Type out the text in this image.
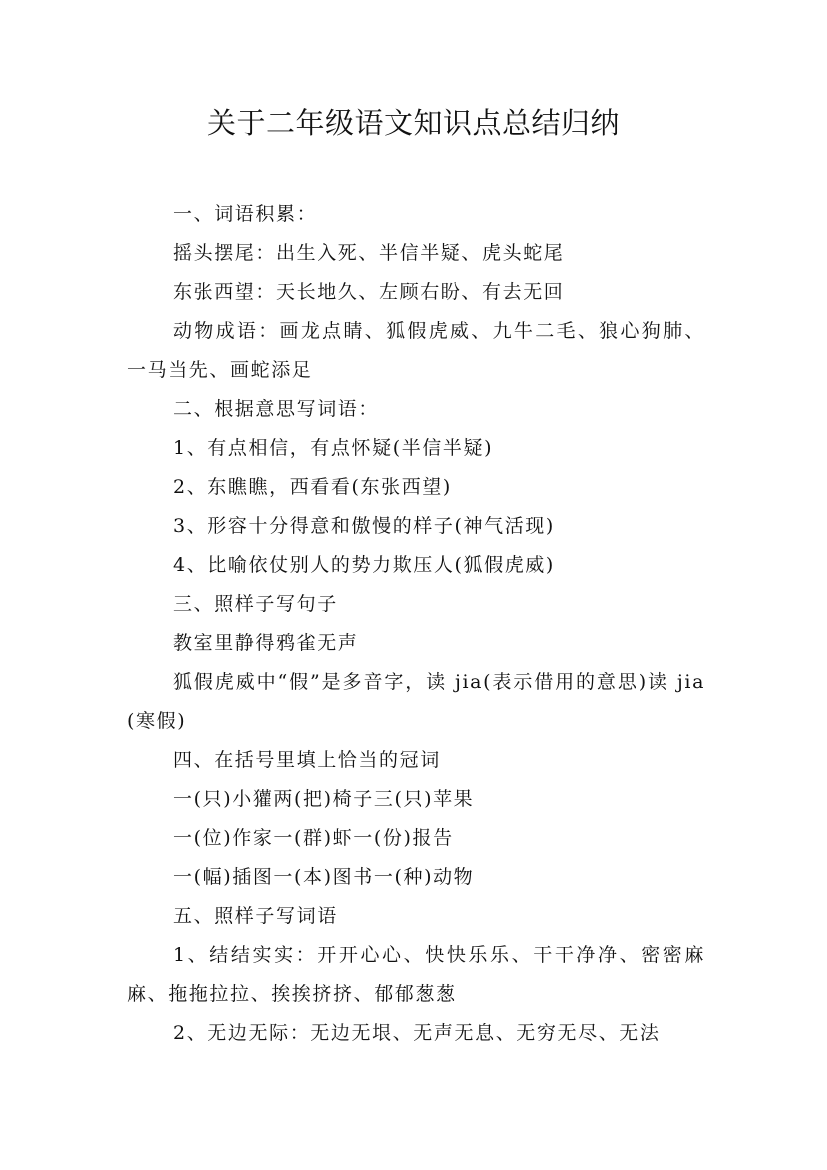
关于二年级语文知识点总结归纳

一、词语积累：

摇头摆尾：出生入死、半信半疑、虎头蛇尾

东张西望：天长地久、左顾右盼、有去无回

动物成语：画龙点睛、狐假虎威、九牛二毛、狼心狗肺、一马当先、画蛇添足

二、根据意思写词语：

1、有点相信，有点怀疑(半信半疑)

2、东瞧瞧，西看看(东张西望)

3、形容十分得意和傲慢的样子(神气活现)

4、比喻依仗别人的势力欺压人(狐假虎威)

三、照样子写句子

教室里静得鸦雀无声

狐假虎威中“假”是多音字，读 jia(表示借用的意思)读 jia(寒假)

四、在括号里填上恰当的冠词

一(只)小獾两(把)椅子三(只)苹果

一(位)作家一(群)虾一(份)报告

一(幅)插图一(本)图书一(种)动物

五、照样子写词语

1、结结实实：开开心心、快快乐乐、干干净净、密密麻麻、拖拖拉拉、挨挨挤挤、郁郁葱葱

2、无边无际：无边无垠、无声无息、无穷无尽、无法
